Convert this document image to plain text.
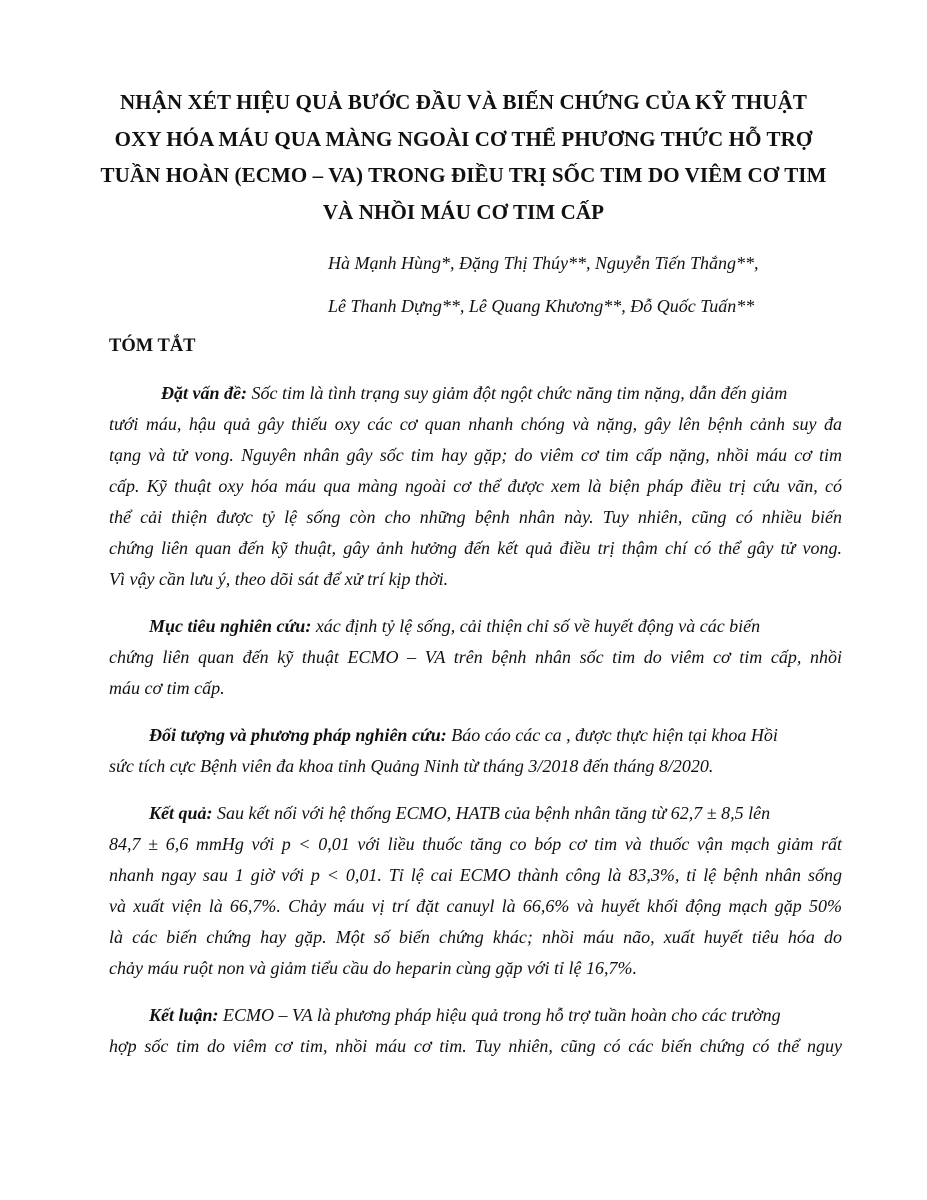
NHẬN XÉT HIỆU QUẢ BƯỚC ĐẦU VÀ BIẾN CHỨNG CỦA KỸ THUẬT
OXY HÓA MÁU QUA MÀNG NGOÀI CƠ THỂ PHƯƠNG THỨC HỖ TRỢ
TUẦN HOÀN (ECMO – VA) TRONG ĐIỀU TRỊ SỐC TIM DO VIÊM CƠ TIM
VÀ NHỒI MÁU CƠ TIM CẤP
Hà Mạnh Hùng*, Đặng Thị Thúy**, Nguyễn Tiến Thắng**,
Lê Thanh Dựng**, Lê Quang Khương**, Đỗ Quốc Tuấn**
TÓM TẮT

Đặt vấn đề: Sốc tim là tình trạng suy giảm đột ngột chức năng tim nặng, dẫn đến giảm
tưới máu, hậu quả gây thiếu oxy các cơ quan nhanh chóng và nặng, gây lên bệnh cảnh suy đa
tạng và tử vong. Nguyên nhân gây sốc tim hay gặp; do viêm cơ tim cấp nặng, nhồi máu cơ tim
cấp. Kỹ thuật oxy hóa máu qua màng ngoài cơ thể được xem là biện pháp điều trị cứu vãn, có
thể cải thiện được tỷ lệ sống còn cho những bệnh nhân này. Tuy nhiên, cũng có nhiều biến
chứng liên quan đến kỹ thuật, gây ảnh hưởng đến kết quả điều trị thậm chí có thể gây tử vong.
Vì vậy cần lưu ý, theo dõi sát để xử trí kịp thời.

Mục tiêu nghiên cứu: xác định tỷ lệ sống, cải thiện chỉ số về huyết động và các biến
chứng liên quan đến kỹ thuật ECMO – VA trên bệnh nhân sốc tim do viêm cơ tim cấp, nhồi
máu cơ tim cấp.

Đối tượng và phương pháp nghiên cứu: Báo cáo các ca , được thực hiện tại khoa Hồi
sức tích cực Bệnh viên đa khoa tỉnh Quảng Ninh từ tháng 3/2018 đến tháng 8/2020.

Kết quả: Sau kết nối với hệ thống ECMO, HATB của bệnh nhân tăng từ 62,7 ± 8,5 lên
84,7 ± 6,6 mmHg với p < 0,01 với liều thuốc tăng co bóp cơ tim và thuốc vận mạch giảm rất
nhanh ngay sau 1 giờ với p < 0,01. Tỉ lệ cai ECMO thành công là 83,3%, tỉ lệ bệnh nhân sống
và xuất viện là 66,7%. Chảy máu vị trí đặt canuyl là 66,6% và huyết khối động mạch gặp 50%
là các biến chứng hay gặp. Một số biến chứng khác; nhồi máu não, xuất huyết tiêu hóa do
chảy máu ruột non và giảm tiểu cầu do heparin cùng gặp với tỉ lệ 16,7%.

Kết luận: ECMO – VA là phương pháp hiệu quả trong hỗ trợ tuần hoàn cho các trường
hợp sốc tim do viêm cơ tim, nhồi máu cơ tim. Tuy nhiên, cũng có các biến chứng có thể nguy
